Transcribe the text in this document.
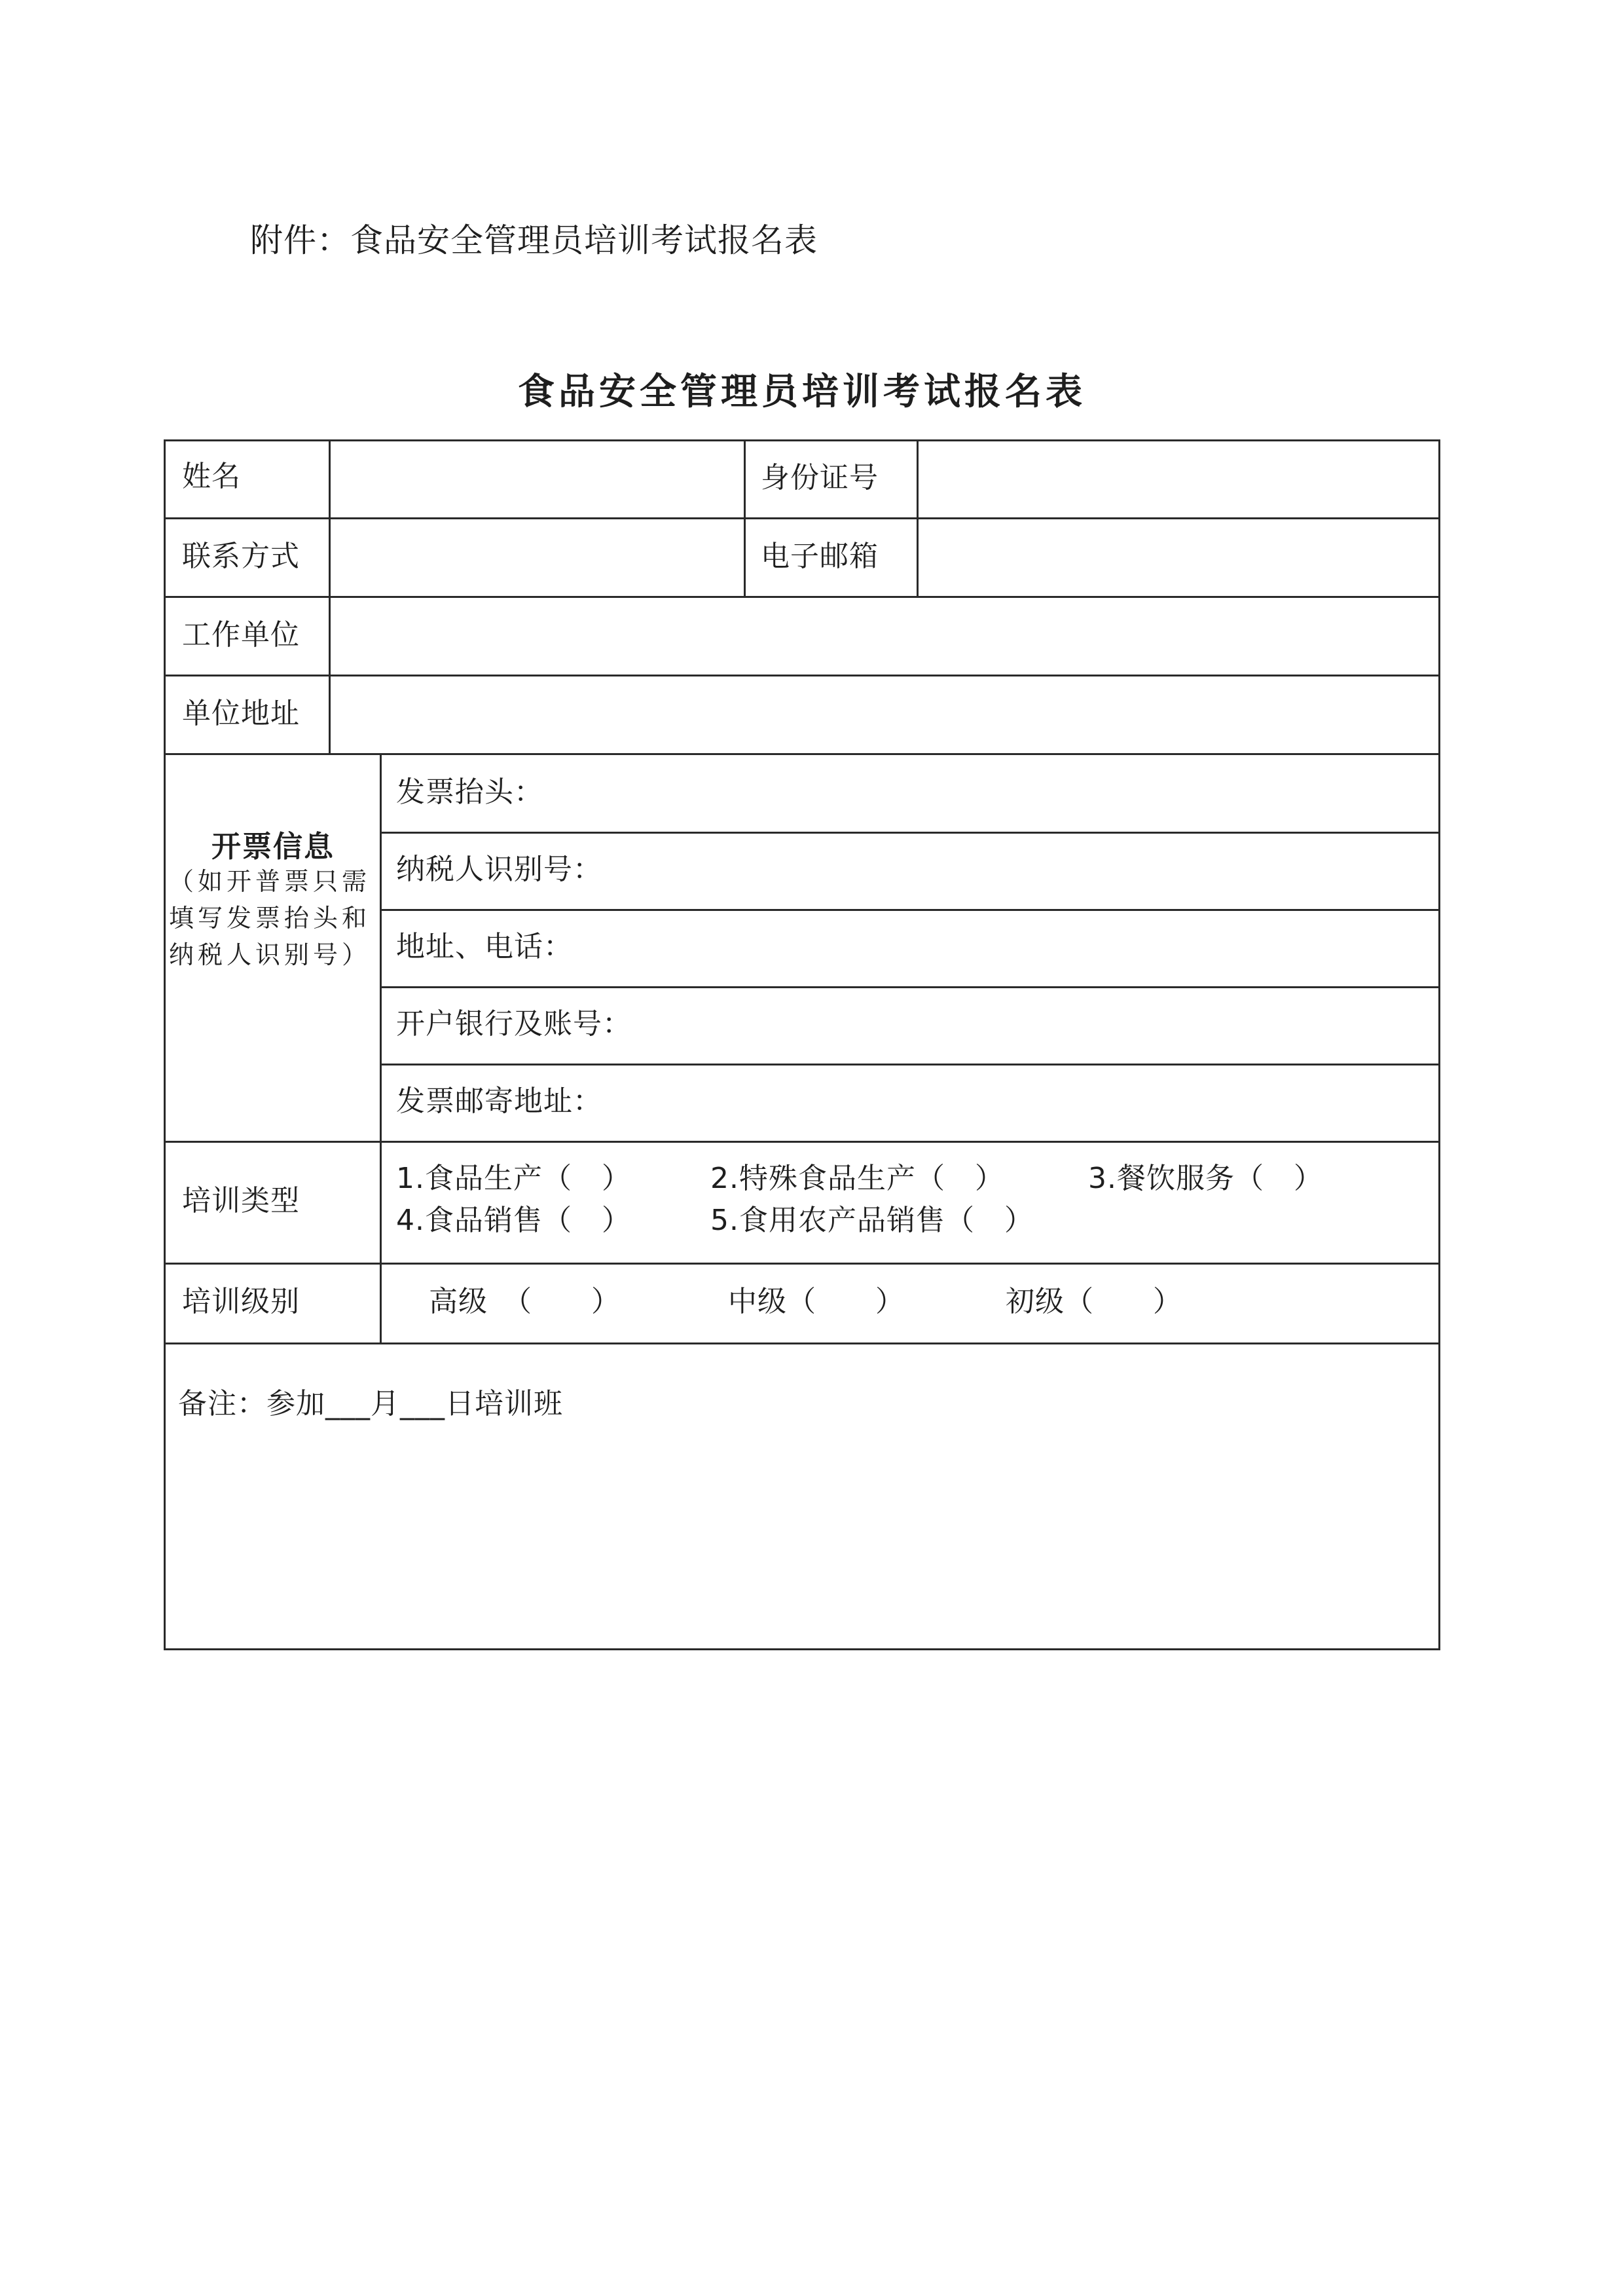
附件：食品安全管理员培训考试报名表
食品安全管理员培训考试报名表
姓名	身份证号
联系方式	电子邮箱
工作单位
单位地址
开票信息
（如开普票只需填写发票抬头和纳税人识别号）
发票抬头：
纳税人识别号：
地址、电话：
开户银行及账号：
发票邮寄地址：
培训类型
1.食品生产（　）	2.特殊食品生产（　）	3.餐饮服务（　）
4.食品销售（　）	5.食用农产品销售（　）
培训级别	高级　（　　）	中级（　　）	初级（　　）
备注：参加___月___日培训班
